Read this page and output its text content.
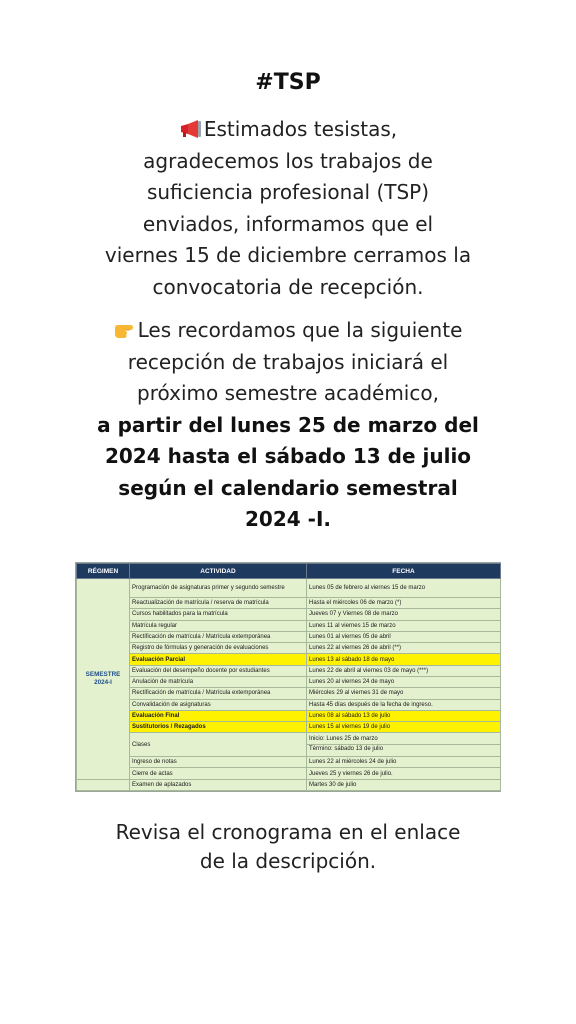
#TSP
Estimados tesistas,
agradecemos los trabajos de
suficiencia profesional (TSP)
enviados, informamos que el
viernes 15 de diciembre cerramos la
convocatoria de recepción.
Les recordamos que la siguiente
recepción de trabajos iniciará el
próximo semestre académico,
a partir del lunes 25 de marzo del
2024 hasta el sábado 13 de julio
según el calendario semestral
2024 -I.
RÉGIMEN	ACTIVIDAD	FECHA

SEMESTRE
2024-I	Programación de asignaturas primer y segundo semestre	Lunes 05 de febrero al viernes 15 de marzo
	Reactualización de matrícula / reserva de matrícula	Hasta el miércoles 06 de marzo (*)
	Cursos habilitados para la matrícula	Jueves 07 y Viernes 08 de marzo
	Matrícula regular	Lunes 11 al viernes 15 de marzo
	Rectificación de matrícula / Matrícula extemporánea	Lunes 01 al viernes 05 de abril
	Registro de fórmulas y generación de evaluaciones	Lunes 22 al viernes 26 de abril (**)
	Evaluación Parcial	Lunes 13 al sábado 18 de mayo
	Evaluación del desempeño docente por estudiantes	Lunes 22 de abril al viernes 03 de mayo (***)
	Anulación de matrícula	Lunes 20 al viernes 24 de mayo
	Rectificación de matrícula / Matrícula extemporánea	Miércoles 29 al viernes 31 de mayo
	Convalidación de asignaturas	Hasta 45 días después de la fecha de ingreso.
	Evaluación Final	Lunes 08 al sábado 13 de julio
	Sustitutorios / Rezagados	Lunes 15 al viernes 19 de julio
	Clases	Inicio: Lunes 25 de marzo
Término: sábado 13 de julio

	Ingreso de notas	Lunes 22 al miércoles 24 de julio
	Cierre de actas	Jueves 25 y viernes 26 de julio.
	Examen de aplazados	Martes 30 de julio
Revisa el cronograma en el enlace
de la descripción.
